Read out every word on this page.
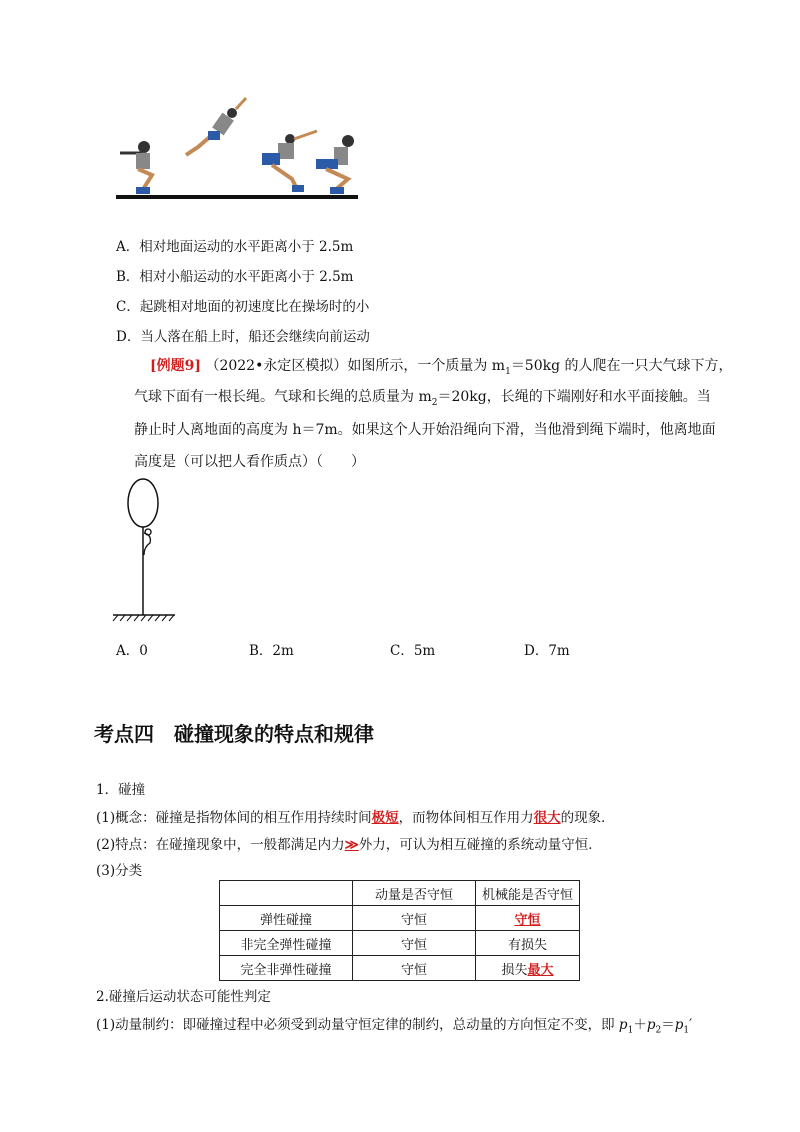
A．相对地面运动的水平距离小于 2.5m
B．相对小船运动的水平距离小于 2.5m
C．起跳相对地面的初速度比在操场时的小
D．当人落在船上时，船还会继续向前运动
[例题9] （2022•永定区模拟）如图所示，一个质量为 $m_1=50kg$ 的人爬在一只大气球下方，
气球下面有一根长绳。气球和长绳的总质量为 $m_2=20kg$，长绳的下端刚好和水平面接触。当
静止时人离地面的高度为 h＝7m。如果这个人开始沿绳向下滑，当他滑到绳下端时，他离地面
高度是（可以把人看作质点）（　　）
A．0	B．2m	C．5m	D．7m
考点四　碰撞现象的特点和规律
1．碰撞
(1)概念：碰撞是指物体间的相互作用持续时间极短，而物体间相互作用力很大的现象．
(2)特点：在碰撞现象中，一般都满足内力≫外力，可认为相互碰撞的系统动量守恒．
(3)分类
	动量是否守恒	机械能是否守恒
弹性碰撞	守恒	守恒
非完全弹性碰撞	守恒	有损失
完全非弹性碰撞	守恒	损失最大
2.碰撞后运动状态可能性判定
(1)动量制约：即碰撞过程中必须受到动量守恒定律的制约，总动量的方向恒定不变，即 $p_1+p_2=p_1'$
